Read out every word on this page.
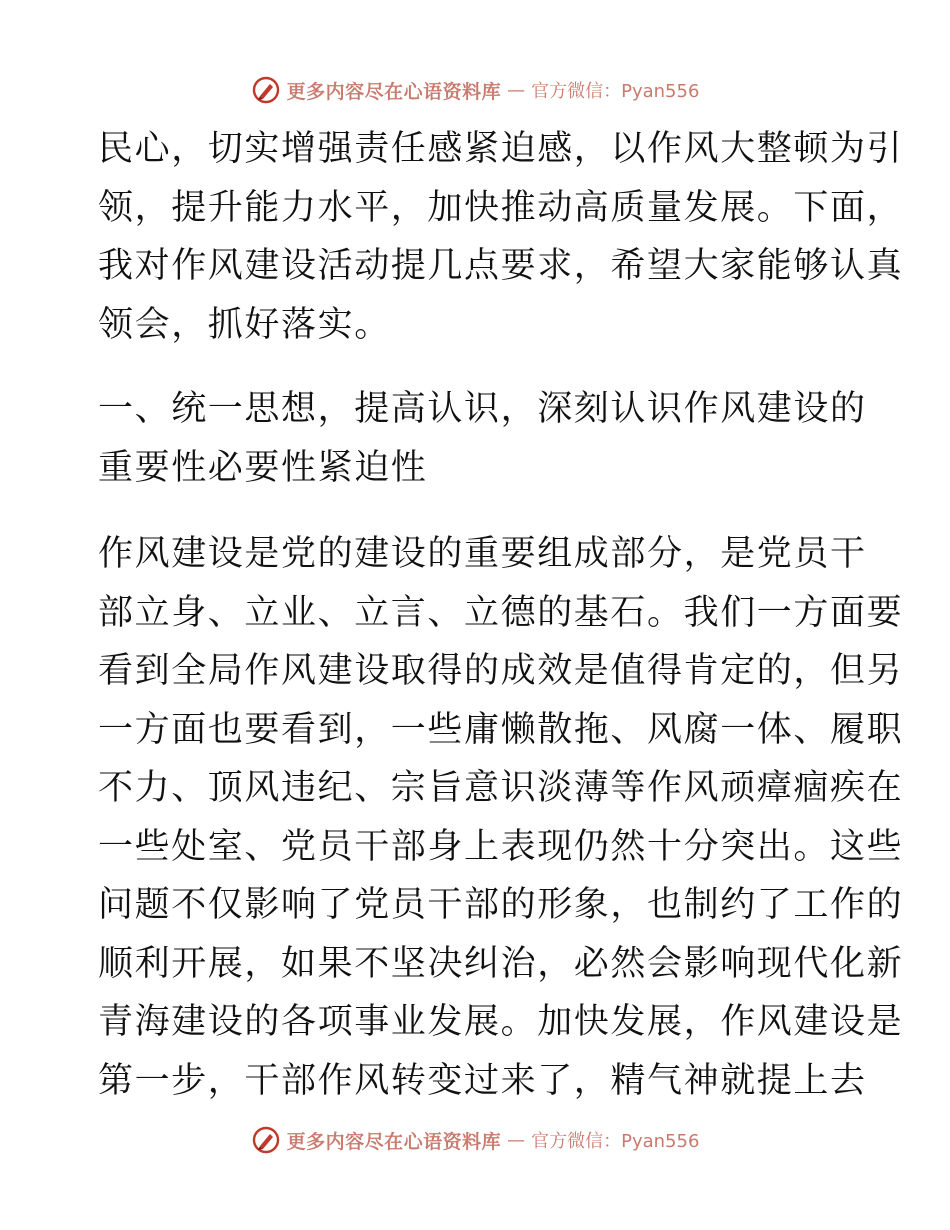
更多内容尽在心语资料库 — 官方微信：Pyan556

民心，切实增强责任感紧迫感，以作风大整顿为引
领，提升能力水平，加快推动高质量发展。下面，
我对作风建设活动提几点要求，希望大家能够认真
领会，抓好落实。

一、统一思想，提高认识，深刻认识作风建设的
重要性必要性紧迫性

作风建设是党的建设的重要组成部分，是党员干
部立身、立业、立言、立德的基石。我们一方面要
看到全局作风建设取得的成效是值得肯定的，但另
一方面也要看到，一些庸懒散拖、风腐一体、履职
不力、顶风违纪、宗旨意识淡薄等作风顽瘴痼疾在
一些处室、党员干部身上表现仍然十分突出。这些
问题不仅影响了党员干部的形象，也制约了工作的
顺利开展，如果不坚决纠治，必然会影响现代化新
青海建设的各项事业发展。加快发展，作风建设是
第一步，干部作风转变过来了，精气神就提上去

更多内容尽在心语资料库 — 官方微信：Pyan556
